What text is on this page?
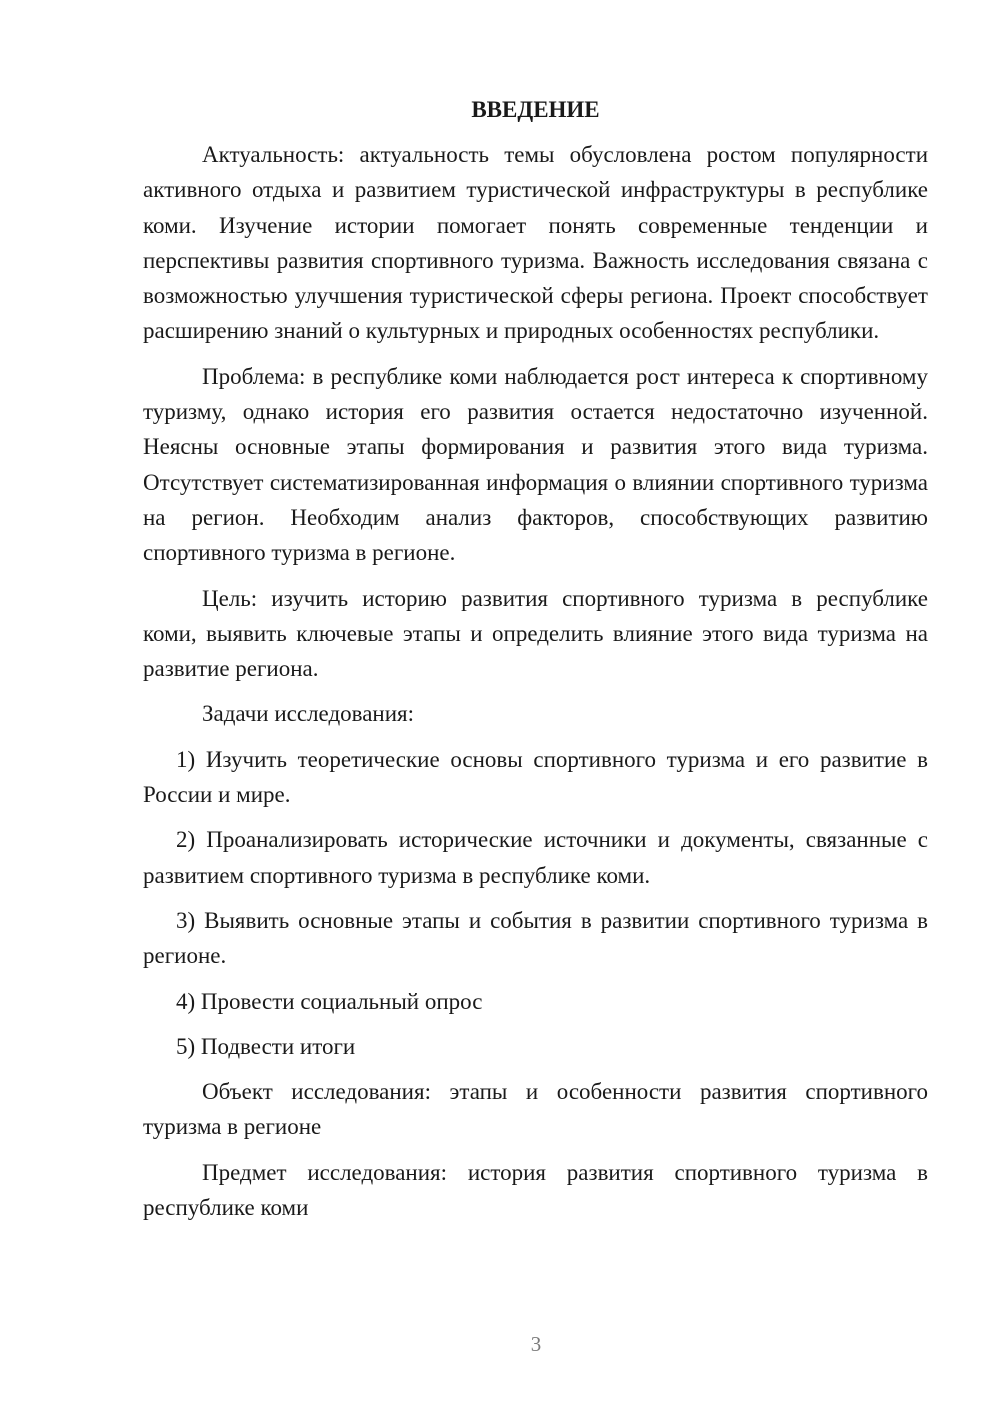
ВВЕДЕНИЕ

Актуальность: актуальность темы обусловлена ростом популярности активного отдыха и развитием туристической инфраструктуры в республике коми. Изучение истории помогает понять современные тенденции и перспективы развития спортивного туризма. Важность исследования связана с возможностью улучшения туристической сферы региона. Проект способствует расширению знаний о культурных и природных особенностях республики.

Проблема: в республике коми наблюдается рост интереса к спортивному туризму, однако история его развития остается недостаточно изученной. Неясны основные этапы формирования и развития этого вида туризма. Отсутствует систематизированная информация о влиянии спортивного туризма на регион. Необходим анализ факторов, способствующих развитию спортивного туризма в регионе.

Цель: изучить историю развития спортивного туризма в республике коми, выявить ключевые этапы и определить влияние этого вида туризма на развитие региона.

Задачи исследования:

1) Изучить теоретические основы спортивного туризма и его развитие в России и мире.

2) Проанализировать исторические источники и документы, связанные с развитием спортивного туризма в республике коми.

3) Выявить основные этапы и события в развитии спортивного туризма в регионе.

4) Провести социальный опрос

5) Подвести итоги

Объект исследования: этапы и особенности развития спортивного туризма в регионе

Предмет исследования: история развития спортивного туризма в республике коми

3
